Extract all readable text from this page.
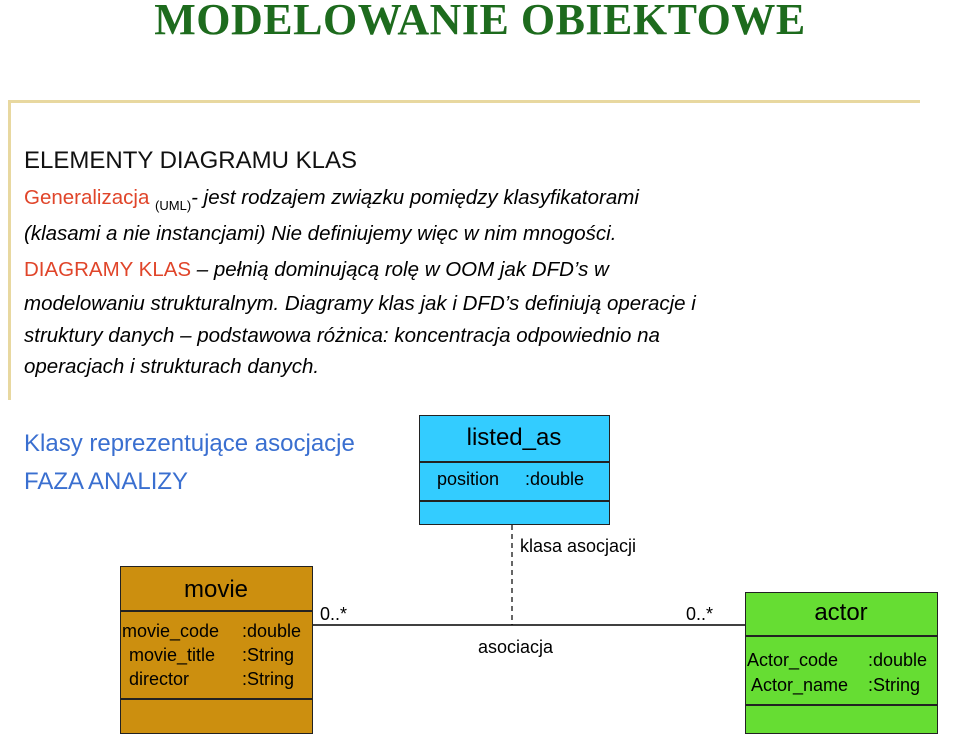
MODELOWANIE OBIEKTOWE
ELEMENTY DIAGRAMU KLAS
Generalizacja $_{(UML)}$- jest rodzajem związku pomiędzy klasyfikatorami
(klasami a nie instancjami) Nie definiujemy więc w nim mnogości.
DIAGRAMY KLAS – pełnią dominującą rolę w OOM jak DFD’s w
modelowaniu strukturalnym. Diagramy klas jak i DFD’s definiują operacje i
struktury danych – podstawowa różnica: koncentracja odpowiednio na
operacjach i strukturach danych.
Klasy reprezentujące asocjacje
FAZA ANALIZY
listed_as
position :double
klasa asocjacji
movie
movie_code :double
movie_title :String
director	:String
0..*	0..*
asociacja
actor
Actor_code :double
Actor_name :String
